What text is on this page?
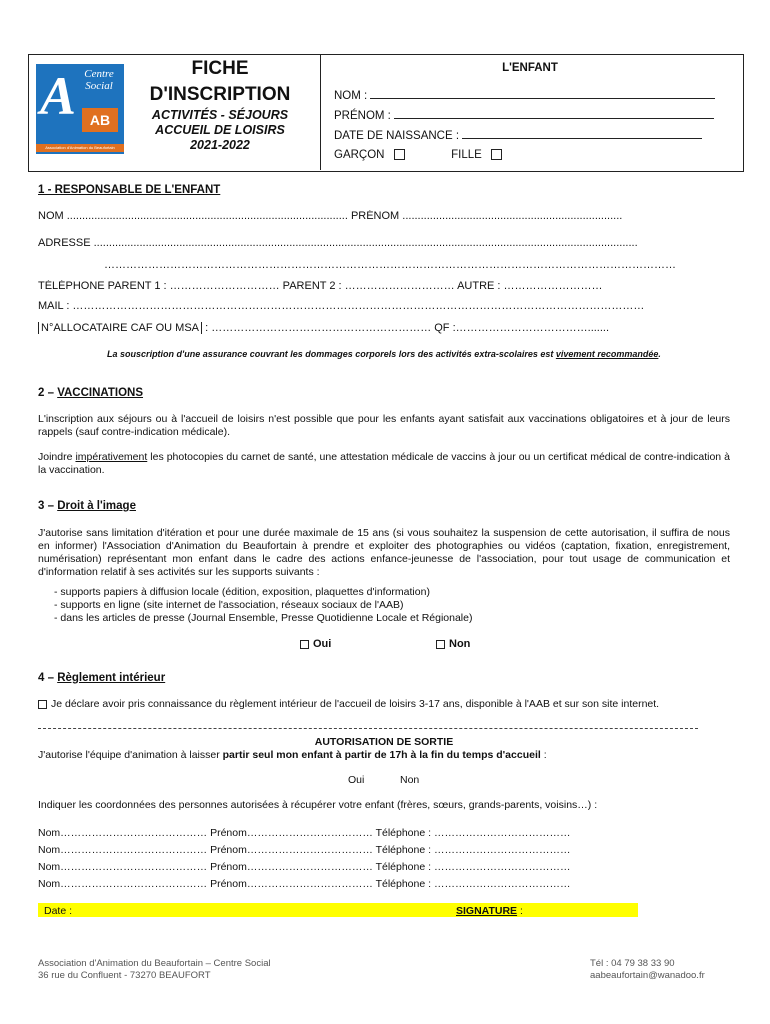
A Centre Social
AB
Association d'Animation du Beaufortain
FICHE
D'INSCRIPTION
ACTIVITÉS - SÉJOURS
ACCUEIL DE LOISIRS
2021-2022
L'ENFANT
NOM :
PRÉNOM :
DATE DE NAISSANCE :
GARÇON	FILLE
1 - RESPONSABLE DE L'ENFANT
NOM ............................................................................................ PRÉNOM ........................................................................
ADRESSE ..................................................................................................................................................................................
…………………………………………………………………………………………………………………………………………
TÉLÉPHONE PARENT 1 : ………………………… PARENT 2 : ………………………… AUTRE : ………………………
MAIL : …………………………………………………………………………………………………………………………………………
N°ALLOCATAIRE CAF OU MSA : …………………………………………………… QF :……………………………….......
La souscription d'une assurance couvrant les dommages corporels lors des activités extra-scolaires est vivement recommandée.
2 – VACCINATIONS
L'inscription aux séjours ou à l'accueil de loisirs n'est possible que pour les enfants ayant satisfait aux vaccinations obligatoires et à jour de leurs rappels (sauf contre-indication médicale).
Joindre impérativement les photocopies du carnet de santé, une attestation médicale de vaccins à jour ou un certificat médical de contre-indication à la vaccination.
3 – Droit à l'image
J'autorise sans limitation d'itération et pour une durée maximale de 15 ans (si vous souhaitez la suspension de cette autorisation, il suffira de nous en informer) l'Association d'Animation du Beaufortain à prendre et exploiter des photographies ou vidéos (captation, fixation, enregistrement, numérisation) représentant mon enfant dans le cadre des actions enfance-jeunesse de l'association, pour tout usage de communication et d'information relatif à ses activités sur les supports suivants :
- supports papiers à diffusion locale (édition, exposition, plaquettes d'information)
- supports en ligne (site internet de l'association, réseaux sociaux de l'AAB)
- dans les articles de presse (Journal Ensemble, Presse Quotidienne Locale et Régionale)
Oui	Non
4 – Règlement intérieur
Je déclare avoir pris connaissance du règlement intérieur de l'accueil de loisirs 3-17 ans, disponible à l'AAB et sur son site internet.
AUTORISATION DE SORTIE
J'autorise l'équipe d'animation à laisser partir seul mon enfant à partir de 17h à la fin du temps d'accueil :
Oui	Non
Indiquer les coordonnées des personnes autorisées à récupérer votre enfant (frères, sœurs, grands-parents, voisins…) :
Nom…………………………………… Prénom……………………………… Téléphone : …………………………………
Nom…………………………………… Prénom……………………………… Téléphone : …………………………………
Nom…………………………………… Prénom……………………………… Téléphone : …………………………………
Nom…………………………………… Prénom……………………………… Téléphone : …………………………………
Date :	SIGNATURE :
Association d'Animation du Beaufortain – Centre Social
36 rue du Confluent - 73270 BEAUFORT
Tél : 04 79 38 33 90
aabeaufortain@wanadoo.fr
